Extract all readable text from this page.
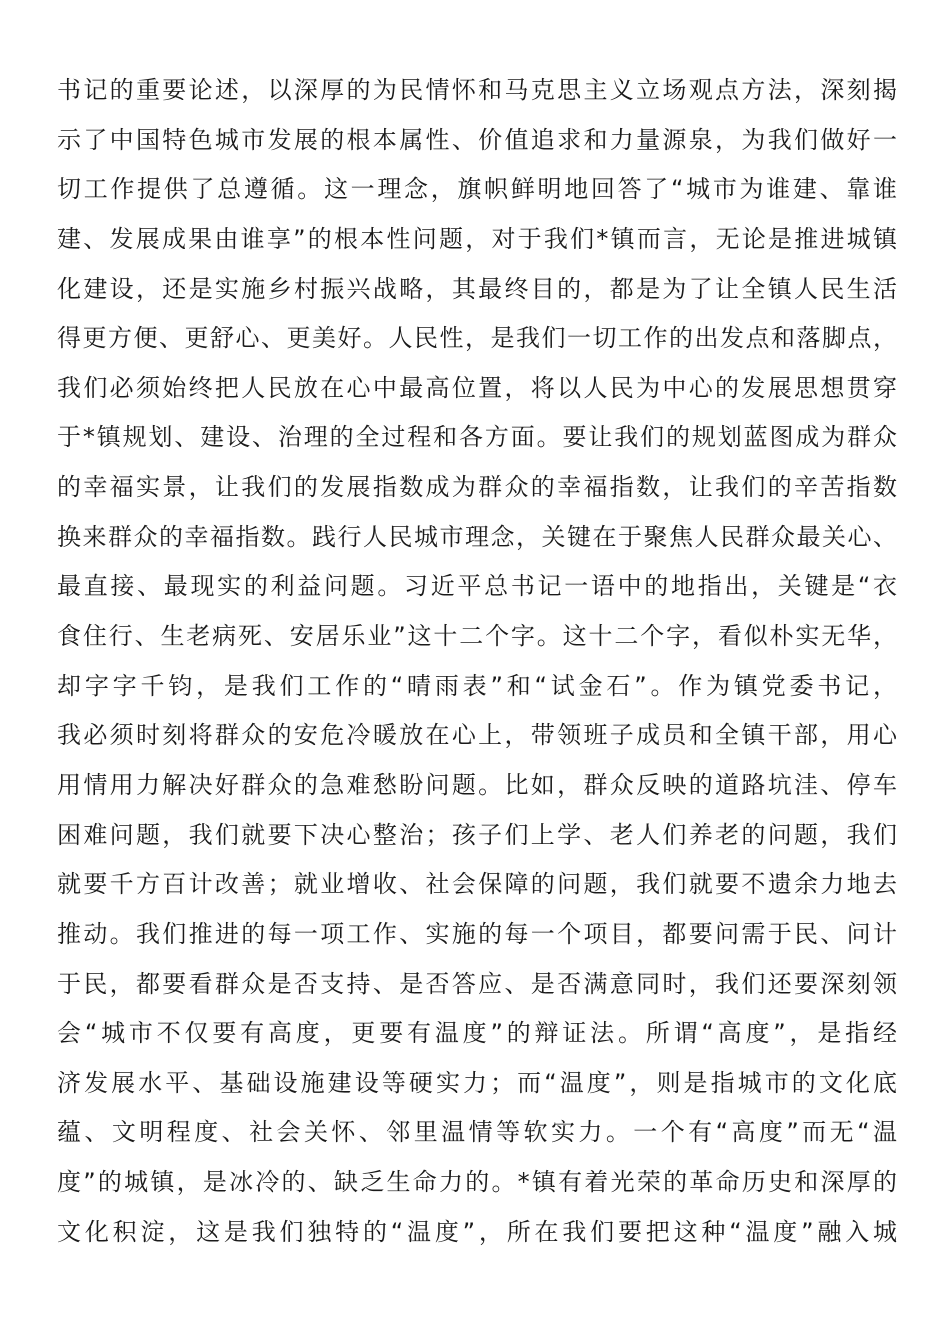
书记的重要论述，以深厚的为民情怀和马克思主义立场观点方法，深刻揭
示了中国特色城市发展的根本属性、价值追求和力量源泉，为我们做好一
切工作提供了总遵循。这一理念，旗帜鲜明地回答了“城市为谁建、靠谁
建、发展成果由谁享”的根本性问题，对于我们*镇而言，无论是推进城镇
化建设，还是实施乡村振兴战略，其最终目的，都是为了让全镇人民生活
得更方便、更舒心、更美好。人民性，是我们一切工作的出发点和落脚点，
我们必须始终把人民放在心中最高位置，将以人民为中心的发展思想贯穿
于*镇规划、建设、治理的全过程和各方面。要让我们的规划蓝图成为群众
的幸福实景，让我们的发展指数成为群众的幸福指数，让我们的辛苦指数
换来群众的幸福指数。践行人民城市理念，关键在于聚焦人民群众最关心、
最直接、最现实的利益问题。习近平总书记一语中的地指出，关键是“衣
食住行、生老病死、安居乐业”这十二个字。这十二个字，看似朴实无华，
却字字千钧，是我们工作的“晴雨表”和“试金石”。作为镇党委书记，
我必须时刻将群众的安危冷暖放在心上，带领班子成员和全镇干部，用心
用情用力解决好群众的急难愁盼问题。比如，群众反映的道路坑洼、停车
困难问题，我们就要下决心整治；孩子们上学、老人们养老的问题，我们
就要千方百计改善；就业增收、社会保障的问题，我们就要不遗余力地去
推动。我们推进的每一项工作、实施的每一个项目，都要问需于民、问计
于民，都要看群众是否支持、是否答应、是否满意同时，我们还要深刻领
会“城市不仅要有高度，更要有温度”的辩证法。所谓“高度”，是指经
济发展水平、基础设施建设等硬实力；而“温度”，则是指城市的文化底
蕴、文明程度、社会关怀、邻里温情等软实力。一个有“高度”而无“温
度”的城镇，是冰冷的、缺乏生命力的。*镇有着光荣的革命历史和深厚的
文化积淀，这是我们独特的“温度”，所在我们要把这种“温度”融入城
